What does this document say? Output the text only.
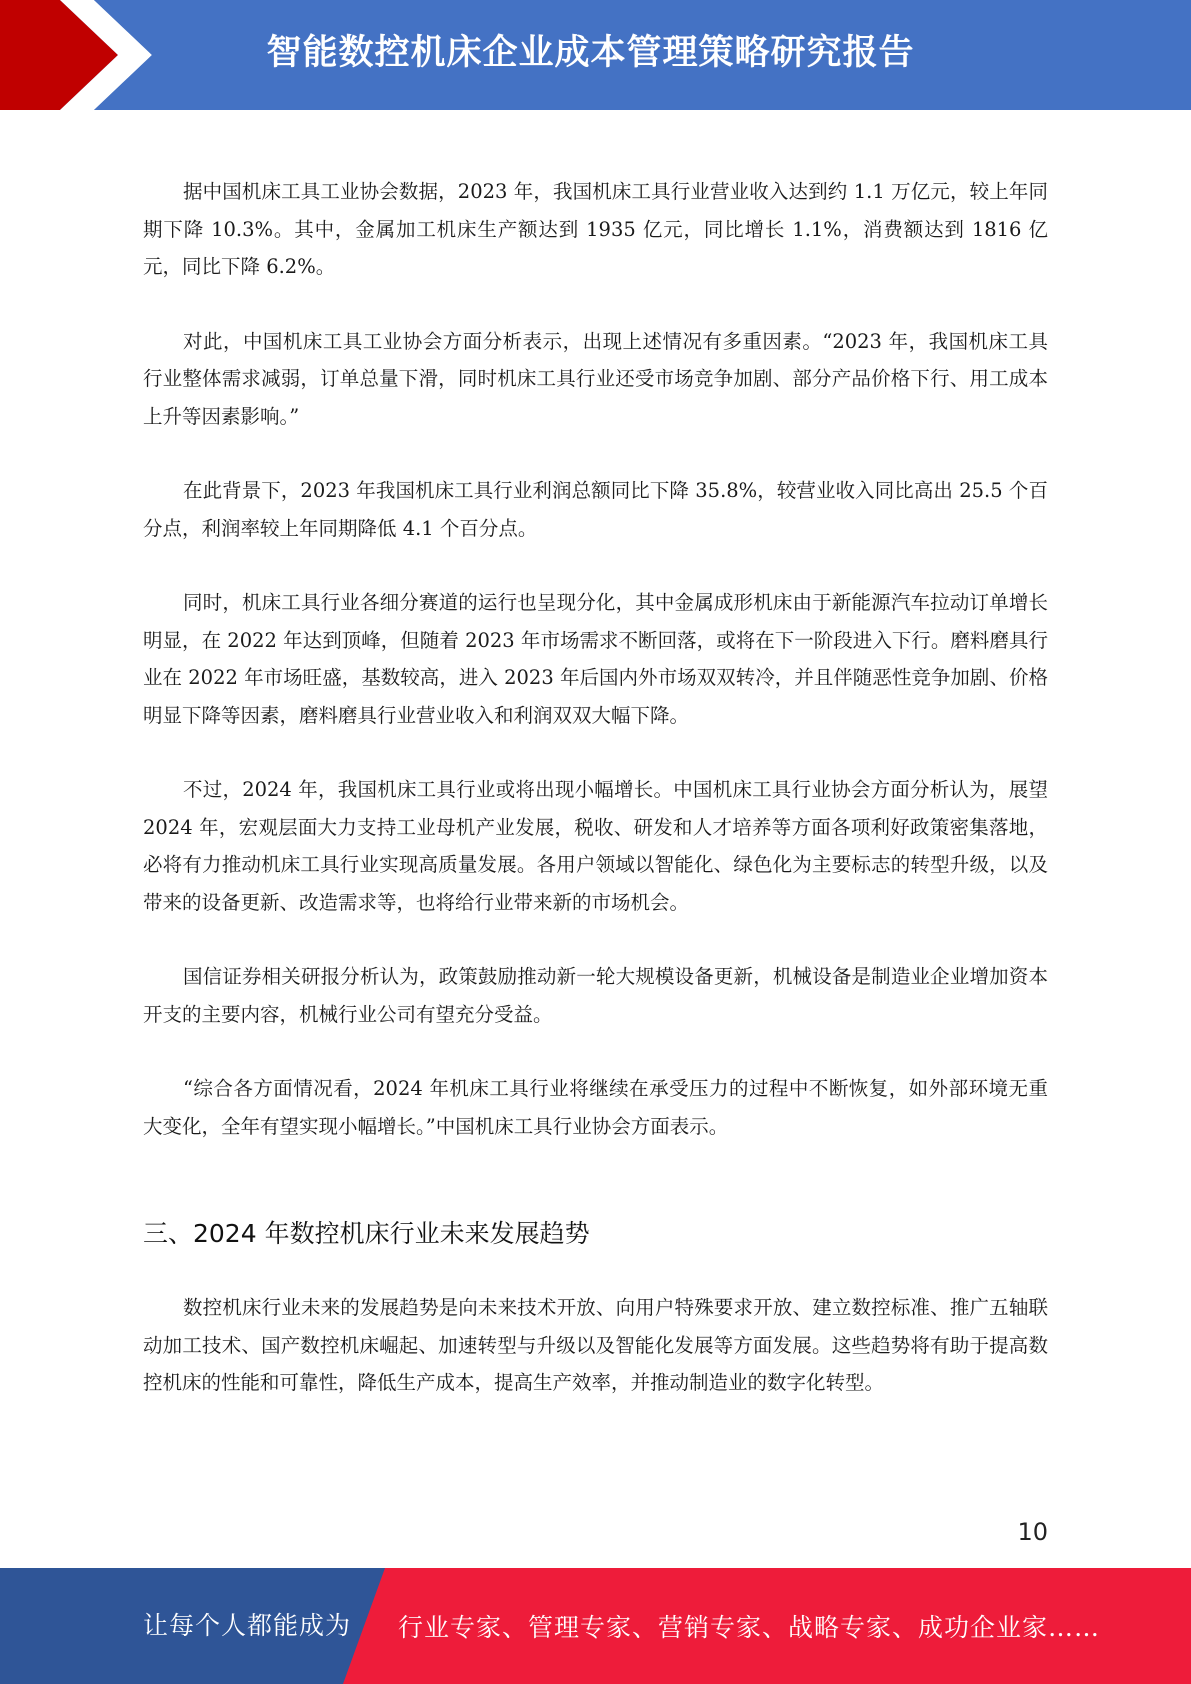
智能数控机床企业成本管理策略研究报告

据中国机床工具工业协会数据，2023 年，我国机床工具行业营业收入达到约 1.1 万亿元，较上年同期下降 10.3%。其中，金属加工机床生产额达到 1935 亿元，同比增长 1.1%，消费额达到 1816 亿元，同比下降 6.2%。

对此，中国机床工具工业协会方面分析表示，出现上述情况有多重因素。“2023 年，我国机床工具行业整体需求减弱，订单总量下滑，同时机床工具行业还受市场竞争加剧、部分产品价格下行、用工成本上升等因素影响。”

在此背景下，2023 年我国机床工具行业利润总额同比下降 35.8%，较营业收入同比高出 25.5 个百分点，利润率较上年同期降低 4.1 个百分点。

同时，机床工具行业各细分赛道的运行也呈现分化，其中金属成形机床由于新能源汽车拉动订单增长明显，在 2022 年达到顶峰，但随着 2023 年市场需求不断回落，或将在下一阶段进入下行。磨料磨具行业在 2022 年市场旺盛，基数较高，进入 2023 年后国内外市场双双转冷，并且伴随恶性竞争加剧、价格明显下降等因素，磨料磨具行业营业收入和利润双双大幅下降。

不过，2024 年，我国机床工具行业或将出现小幅增长。中国机床工具行业协会方面分析认为，展望 2024 年，宏观层面大力支持工业母机产业发展，税收、研发和人才培养等方面各项利好政策密集落地，必将有力推动机床工具行业实现高质量发展。各用户领域以智能化、绿色化为主要标志的转型升级，以及带来的设备更新、改造需求等，也将给行业带来新的市场机会。

国信证券相关研报分析认为，政策鼓励推动新一轮大规模设备更新，机械设备是制造业企业增加资本开支的主要内容，机械行业公司有望充分受益。

“综合各方面情况看，2024 年机床工具行业将继续在承受压力的过程中不断恢复，如外部环境无重大变化，全年有望实现小幅增长。”中国机床工具行业协会方面表示。

三、2024 年数控机床行业未来发展趋势

数控机床行业未来的发展趋势是向未来技术开放、向用户特殊要求开放、建立数控标准、推广五轴联动加工技术、国产数控机床崛起、加速转型与升级以及智能化发展等方面发展。这些趋势将有助于提高数控机床的性能和可靠性，降低生产成本，提高生产效率，并推动制造业的数字化转型。

10
让每个人都能成为 行业专家、管理专家、营销专家、战略专家、成功企业家……
